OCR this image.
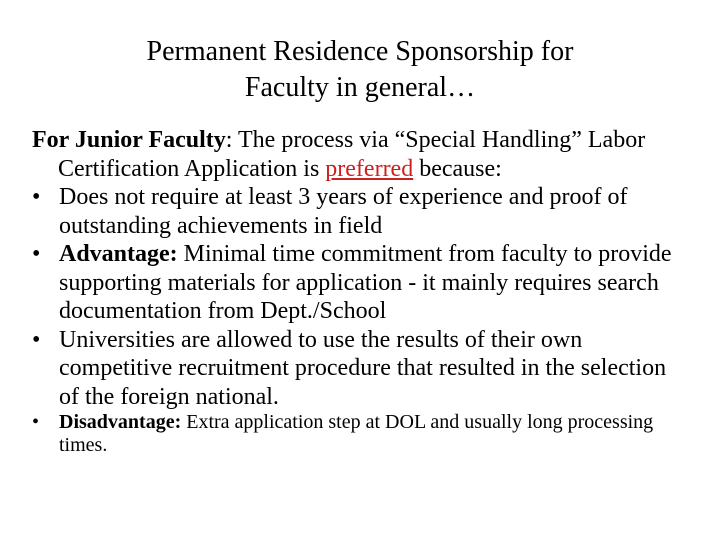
Permanent Residence Sponsorship for
Faculty in general…

For Junior Faculty: The process via “Special Handling” Labor Certification Application is preferred because:

• Does not require at least 3 years of experience and proof of outstanding achievements in field
• Advantage: Minimal time commitment from faculty to provide supporting materials for application - it mainly requires search documentation from Dept./School
• Universities are allowed to use the results of their own competitive recruitment procedure that resulted in the selection of the foreign national.
• Disadvantage: Extra application step at DOL and usually long processing times.
